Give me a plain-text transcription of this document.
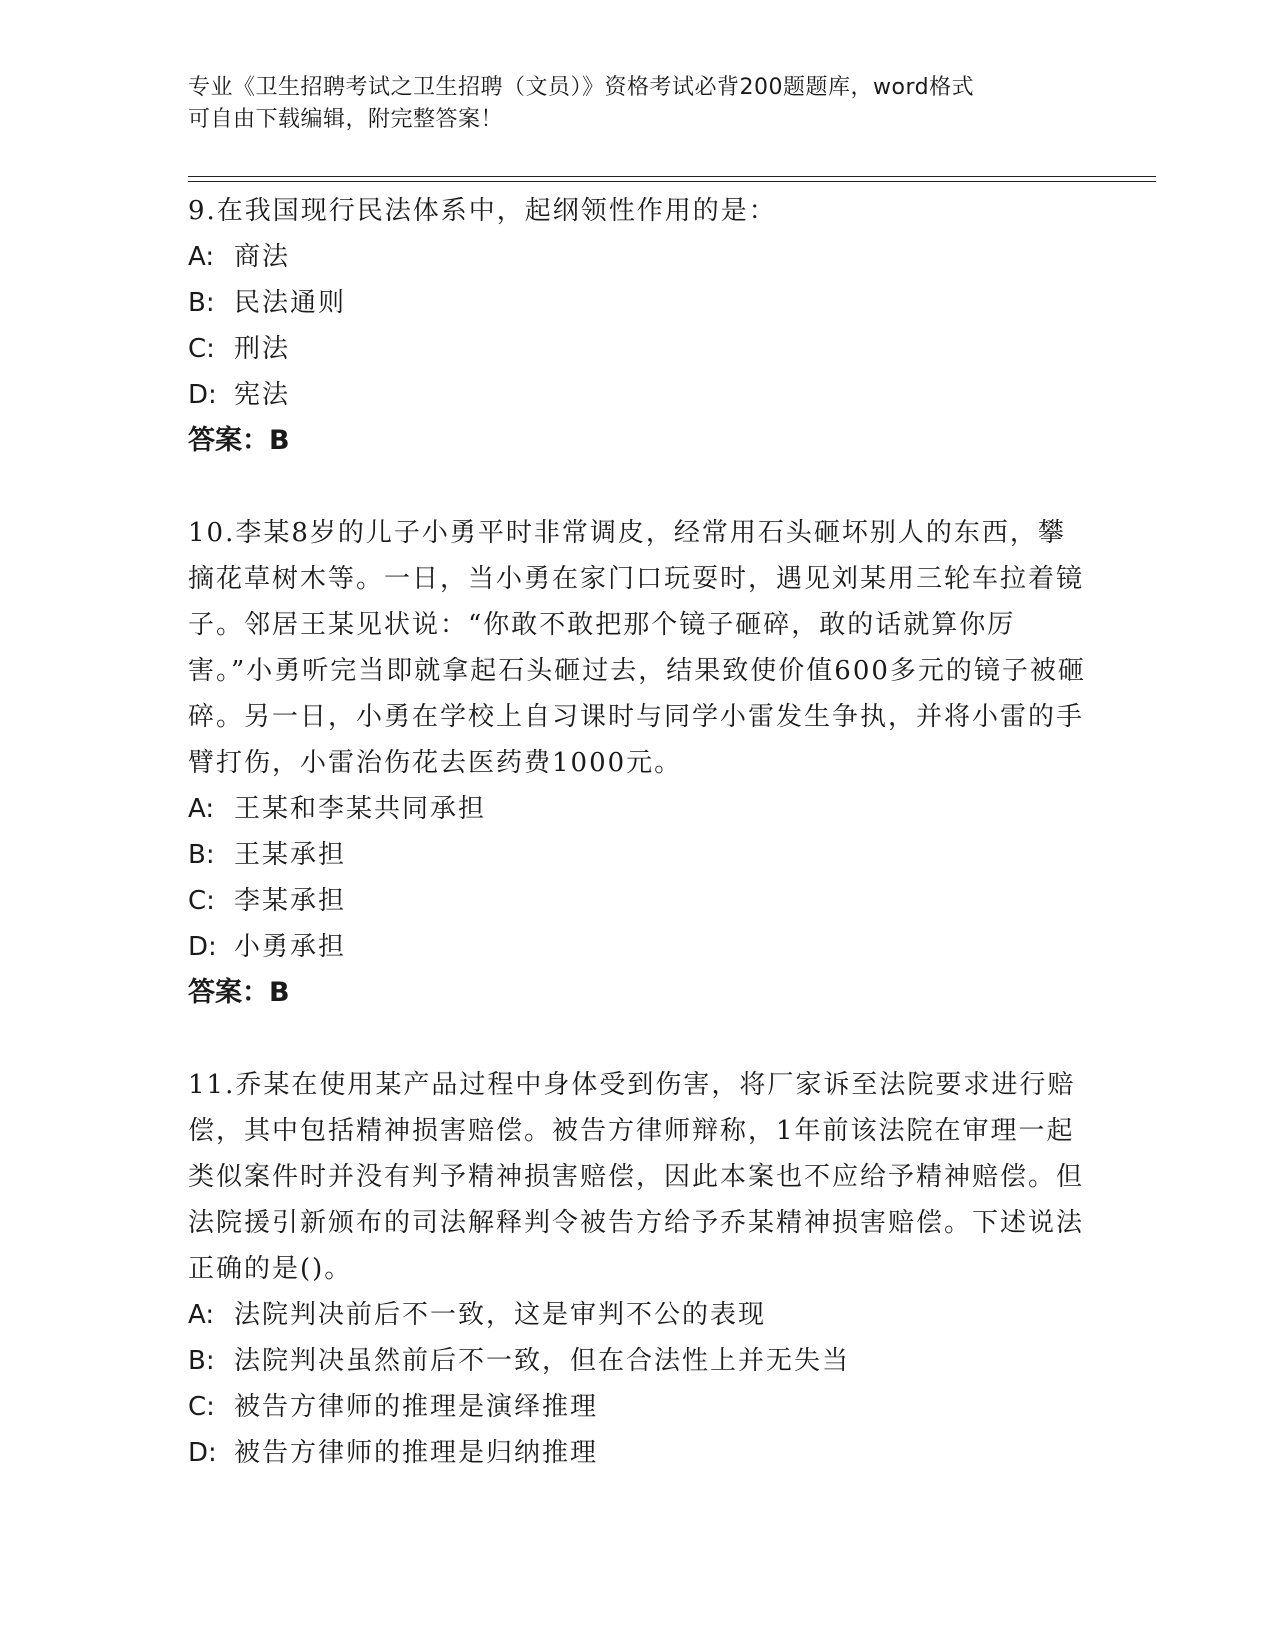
专业《卫生招聘考试之卫生招聘（文员）》资格考试必背200题题库，word格式
可自由下载编辑，附完整答案！

9.在我国现行民法体系中，起纲领性作用的是：

A: 商法

B: 民法通则

C: 刑法

D: 宪法

答案：B

10.李某8岁的儿子小勇平时非常调皮，经常用石头砸坏别人的东西，攀摘花草树木等。一日，当小勇在家门口玩耍时，遇见刘某用三轮车拉着镜子。邻居王某见状说：“你敢不敢把那个镜子砸碎，敢的话就算你厉害。”小勇听完当即就拿起石头砸过去，结果致使价值600多元的镜子被砸碎。另一日，小勇在学校上自习课时与同学小雷发生争执，并将小雷的手臂打伤，小雷治伤花去医药费1000元。

A: 王某和李某共同承担

B: 王某承担

C: 李某承担

D: 小勇承担

答案：B

11.乔某在使用某产品过程中身体受到伤害，将厂家诉至法院要求进行赔偿，其中包括精神损害赔偿。被告方律师辩称，1年前该法院在审理一起类似案件时并没有判予精神损害赔偿，因此本案也不应给予精神赔偿。但法院援引新颁布的司法解释判令被告方给予乔某精神损害赔偿。下述说法正确的是()。

A: 法院判决前后不一致，这是审判不公的表现

B: 法院判决虽然前后不一致，但在合法性上并无失当

C: 被告方律师的推理是演绎推理

D: 被告方律师的推理是归纳推理
